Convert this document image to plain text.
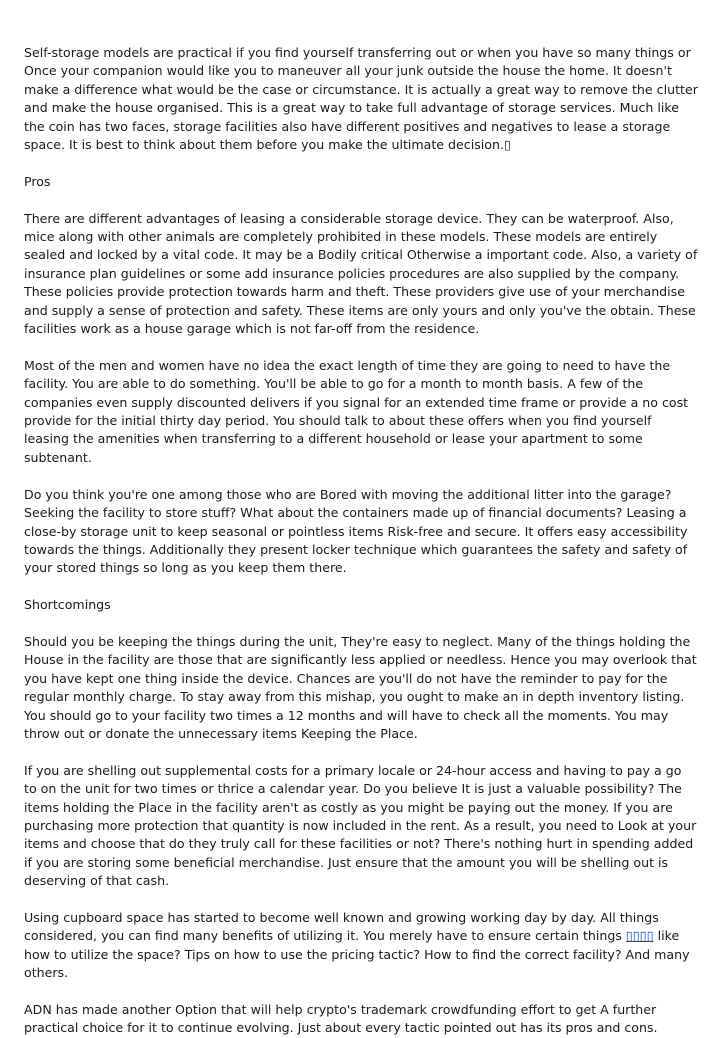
Self-storage models are practical if you find yourself transferring out or when you have so many things or Once your companion would like you to maneuver all your junk outside the house the home. It doesn't make a difference what would be the case or circumstance. It is actually a great way to remove the clutter and make the house organised. This is a great way to take full advantage of storage services. Much like the coin has two faces, storage facilities also have different positives and negatives to lease a storage space. It is best to think about them before you make the ultimate decision.▯

Pros

There are different advantages of leasing a considerable storage device. They can be waterproof. Also, mice along with other animals are completely prohibited in these models. These models are entirely sealed and locked by a vital code. It may be a Bodily critical Otherwise a important code. Also, a variety of insurance plan guidelines or some add insurance policies procedures are also supplied by the company. These policies provide protection towards harm and theft. These providers give use of your merchandise and supply a sense of protection and safety. These items are only yours and only you've the obtain. These facilities work as a house garage which is not far-off from the residence.

Most of the men and women have no idea the exact length of time they are going to need to have the facility. You are able to do something. You'll be able to go for a month to month basis. A few of the companies even supply discounted delivers if you signal for an extended time frame or provide a no cost provide for the initial thirty day period. You should talk to about these offers when you find yourself leasing the amenities when transferring to a different household or lease your apartment to some subtenant.

Do you think you're one among those who are Bored with moving the additional litter into the garage? Seeking the facility to store stuff? What about the containers made up of financial documents? Leasing a close-by storage unit to keep seasonal or pointless items Risk-free and secure. It offers easy accessibility towards the things. Additionally they present locker technique which guarantees the safety and safety of your stored things so long as you keep them there.

Shortcomings

Should you be keeping the things during the unit, They're easy to neglect. Many of the things holding the House in the facility are those that are significantly less applied or needless. Hence you may overlook that you have kept one thing inside the device. Chances are you'll do not have the reminder to pay for the regular monthly charge. To stay away from this mishap, you ought to make an in depth inventory listing. You should go to your facility two times a 12 months and will have to check all the moments. You may throw out or donate the unnecessary items Keeping the Place.

If you are shelling out supplemental costs for a primary locale or 24-hour access and having to pay a go to on the unit for two times or thrice a calendar year. Do you believe It is just a valuable possibility? The items holding the Place in the facility aren't as costly as you might be paying out the money. If you are purchasing more protection that quantity is now included in the rent. As a result, you need to Look at your items and choose that do they truly call for these facilities or not? There's nothing hurt in spending added if you are storing some beneficial merchandise. Just ensure that the amount you will be shelling out is deserving of that cash.

Using cupboard space has started to become well known and growing working day by day. All things considered, you can find many benefits of utilizing it. You merely have to ensure certain things ▯▯▯▯ like how to utilize the space? Tips on how to use the pricing tactic? How to find the correct facility? And many others.

ADN has made another Option that will help crypto's trademark crowdfunding effort to get A further practical choice for it to continue evolving. Just about every tactic pointed out has its pros and cons.
